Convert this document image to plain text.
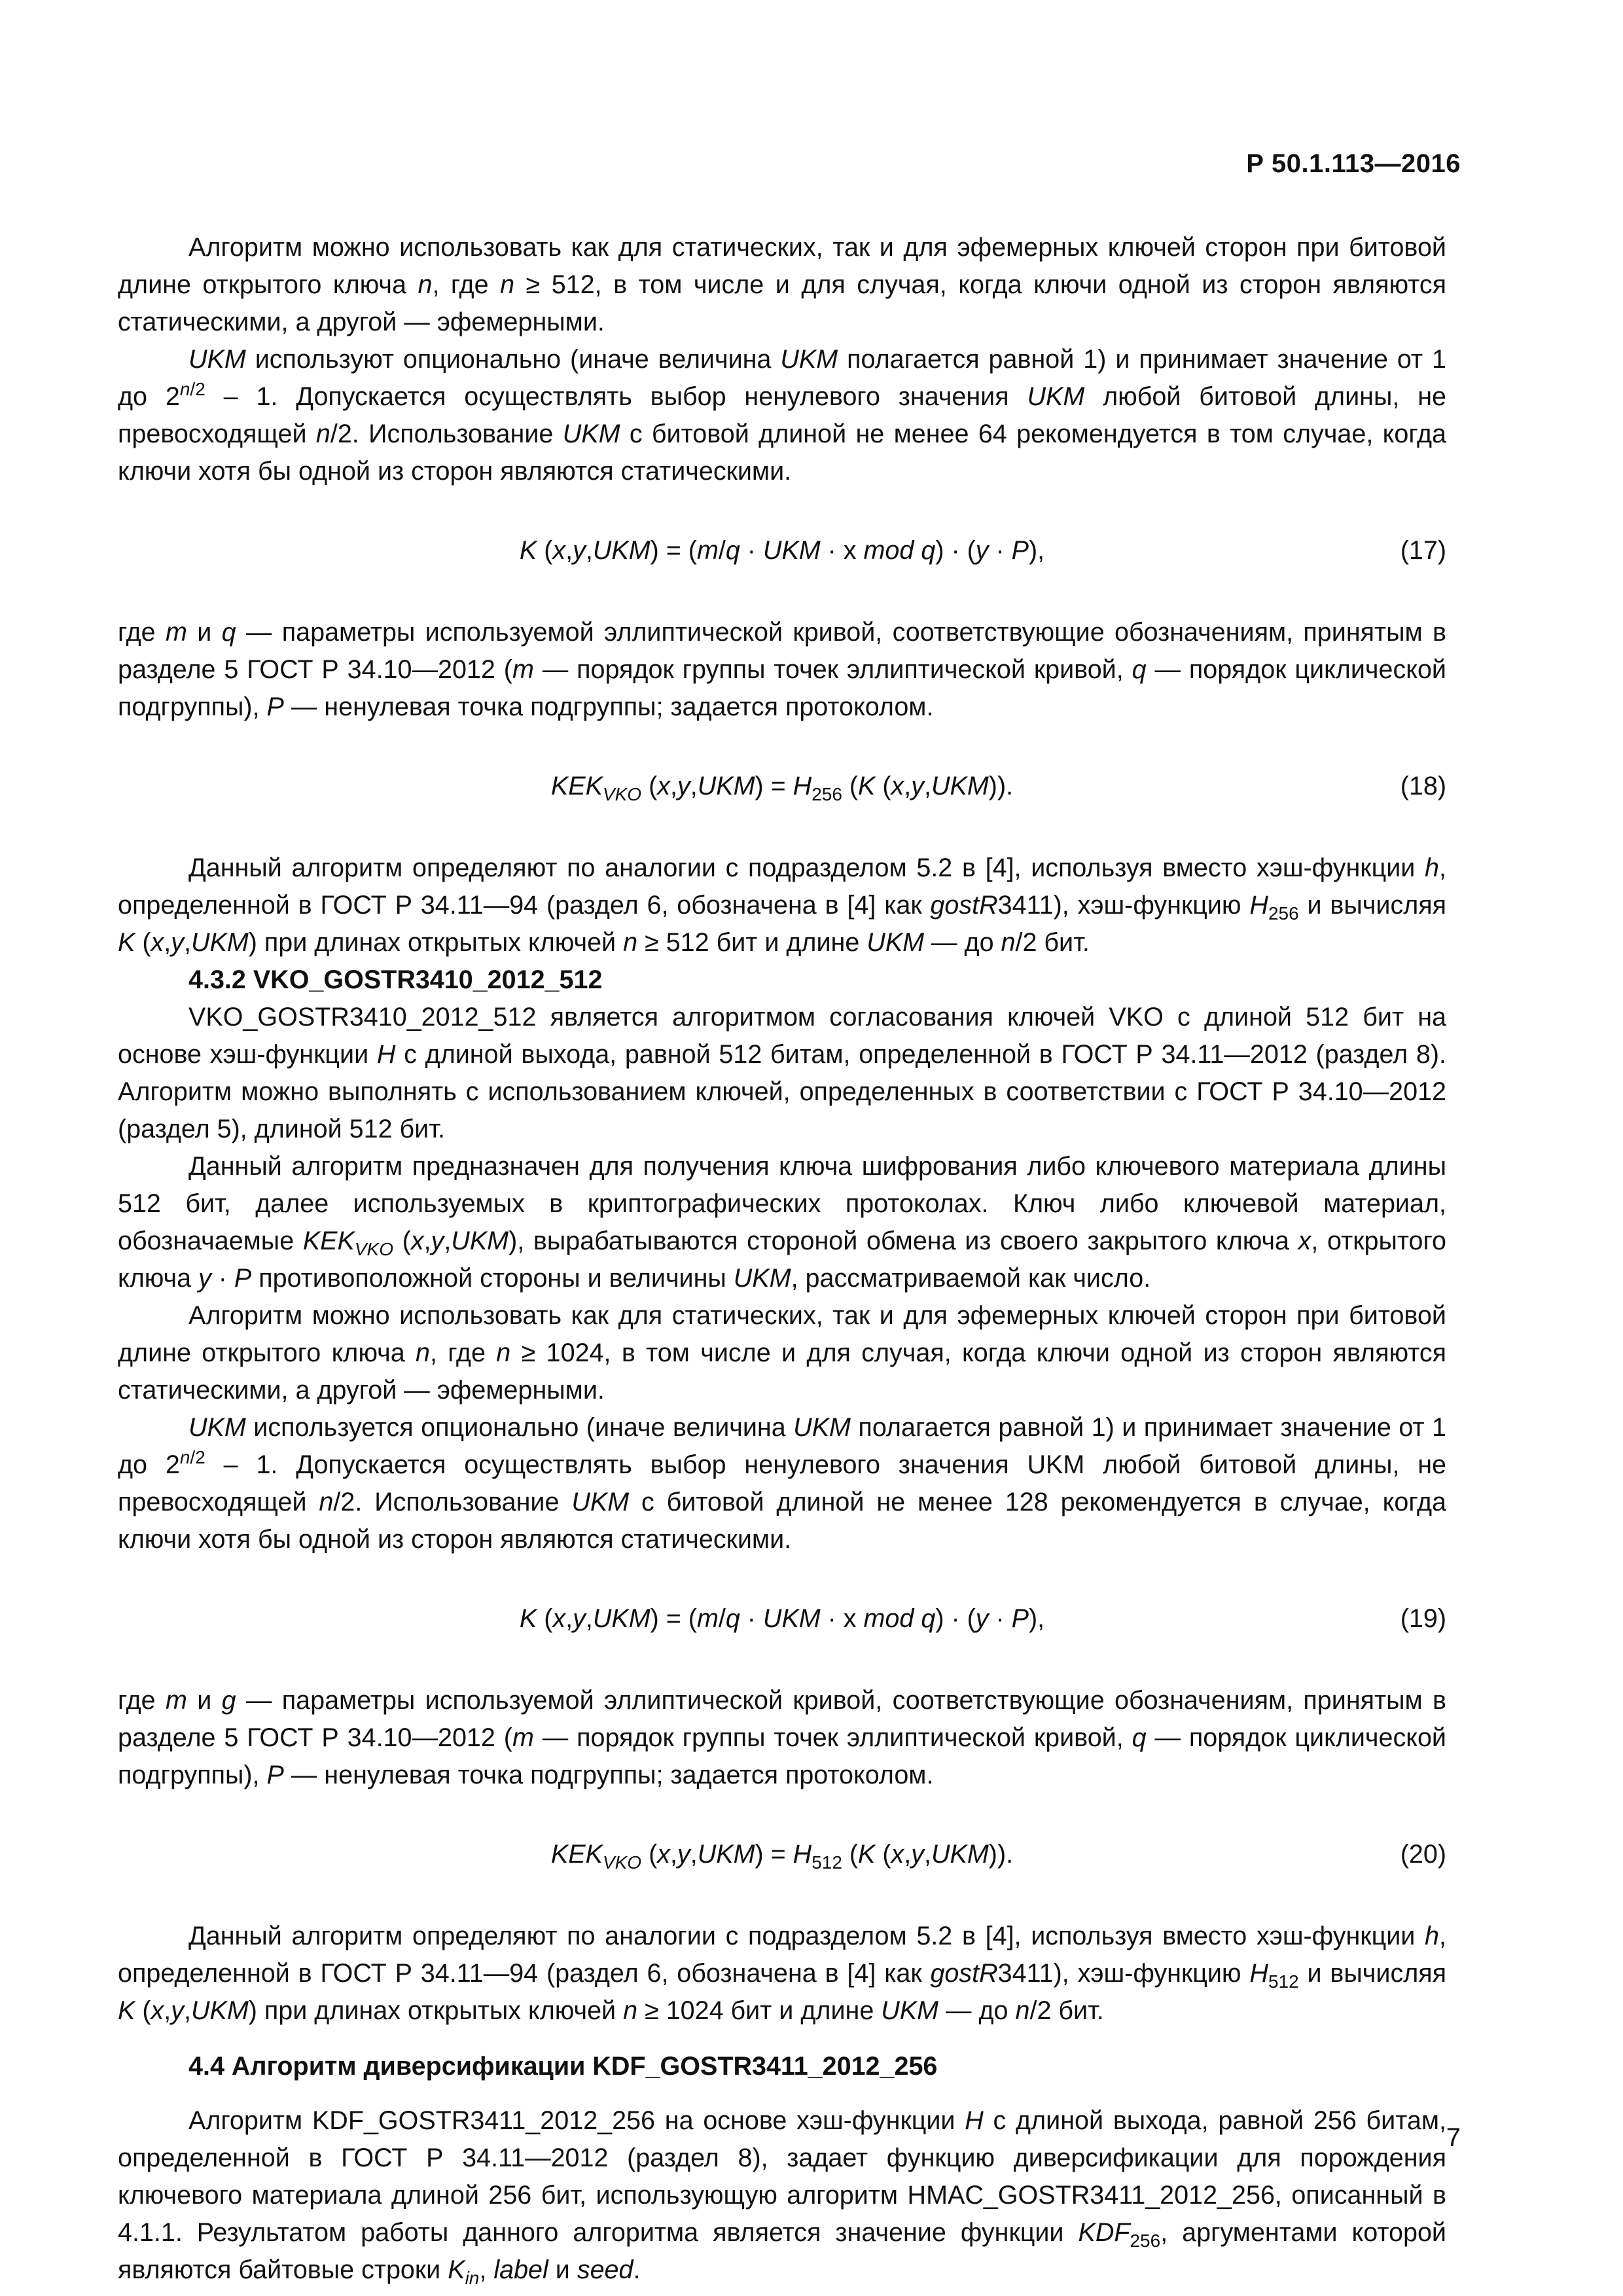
Р 50.1.113—2016

Алгоритм можно использовать как для статических, так и для эфемерных ключей сторон при битовой длине открытого ключа n, где n ≥ 512, в том числе и для случая, когда ключи одной из сторон являются статическими, а другой — эфемерными.

UKM используют опционально (иначе величина UKM полагается равной 1) и принимает значение от 1 до $2^{n/2} - 1$. Допускается осуществлять выбор ненулевого значения UKM любой битовой длины, не превосходящей n/2. Использование UKM с битовой длиной не менее 64 рекомендуется в том случае, когда ключи хотя бы одной из сторон являются статическими.

K (x,y,UKM) = (m/q · UKM · x mod q) · (y · P),	(17)

где m и q — параметры используемой эллиптической кривой, соответствующие обозначениям, принятым в разделе 5 ГОСТ Р 34.10—2012 (m — порядок группы точек эллиптической кривой, q — порядок циклической подгруппы), P — ненулевая точка подгруппы; задается протоколом.

$KEK_{VKO}$ $(x,y,UKM) = H_{256}$ (K (x,y,UKM)).	(18)

Данный алгоритм определяют по аналогии с подразделом 5.2 в [4], используя вместо хэш-функции h, определенной в ГОСТ Р 34.11—94 (раздел 6, обозначена в [4] как gostR3411), хэш-функцию $H_{256}$ и вычисляя K (x,y,UKM) при длинах открытых ключей n ≥ 512 бит и длине UKM — до n/2 бит.

4.3.2 VKO_GOSTR3410_2012_512

VKO_GOSTR3410_2012_512 является алгоритмом согласования ключей VKO с длиной 512 бит на основе хэш-функции H с длиной выхода, равной 512 битам, определенной в ГОСТ Р 34.11—2012 (раздел 8). Алгоритм можно выполнять с использованием ключей, определенных в соответствии с ГОСТ Р 34.10—2012 (раздел 5), длиной 512 бит.

Данный алгоритм предназначен для получения ключа шифрования либо ключевого материала длины 512 бит, далее используемых в криптографических протоколах. Ключ либо ключевой материал, обозначаемые $KEK_{VKO}$ (x,y,UKM), вырабатываются стороной обмена из своего закрытого ключа x, открытого ключа y · P противоположной стороны и величины UKM, рассматриваемой как число.

Алгоритм можно использовать как для статических, так и для эфемерных ключей сторон при битовой длине открытого ключа n, где n ≥ 1024, в том числе и для случая, когда ключи одной из сторон являются статическими, а другой — эфемерными.

UKM используется опционально (иначе величина UKM полагается равной 1) и принимает значение от 1 до $2^{n/2} - 1$. Допускается осуществлять выбор ненулевого значения UKM любой битовой длины, не превосходящей n/2. Использование UKM с битовой длиной не менее 128 рекомендуется в случае, когда ключи хотя бы одной из сторон являются статическими.

K (x,y,UKM) = (m/q · UKM · x mod q) · (y · P),	(19)

где m и g — параметры используемой эллиптической кривой, соответствующие обозначениям, принятым в разделе 5 ГОСТ Р 34.10—2012 (m — порядок группы точек эллиптической кривой, q — порядок циклической подгруппы), P — ненулевая точка подгруппы; задается протоколом.

$KEK_{VKO}$ $(x,y,UKM) = H_{512}$ (K (x,y,UKM)).	(20)

Данный алгоритм определяют по аналогии с подразделом 5.2 в [4], используя вместо хэш-функции h, определенной в ГОСТ Р 34.11—94 (раздел 6, обозначена в [4] как gostR3411), хэш-функцию $H_{512}$ и вычисляя K (x,y,UKM) при длинах открытых ключей n ≥ 1024 бит и длине UKM — до n/2 бит.

4.4 Алгоритм диверсификации KDF_GOSTR3411_2012_256

Алгоритм KDF_GOSTR3411_2012_256 на основе хэш-функции H с длиной выхода, равной 256 битам, определенной в ГОСТ Р 34.11—2012 (раздел 8), задает функцию диверсификации для порождения ключевого материала длиной 256 бит, использующую алгоритм HMAC_GOSTR3411_2012_256, описанный в 4.1.1. Результатом работы данного алгоритма является значение функции $KDF_{256}$, аргументами которой являются байтовые строки $K_{in}$, label и seed.

7
